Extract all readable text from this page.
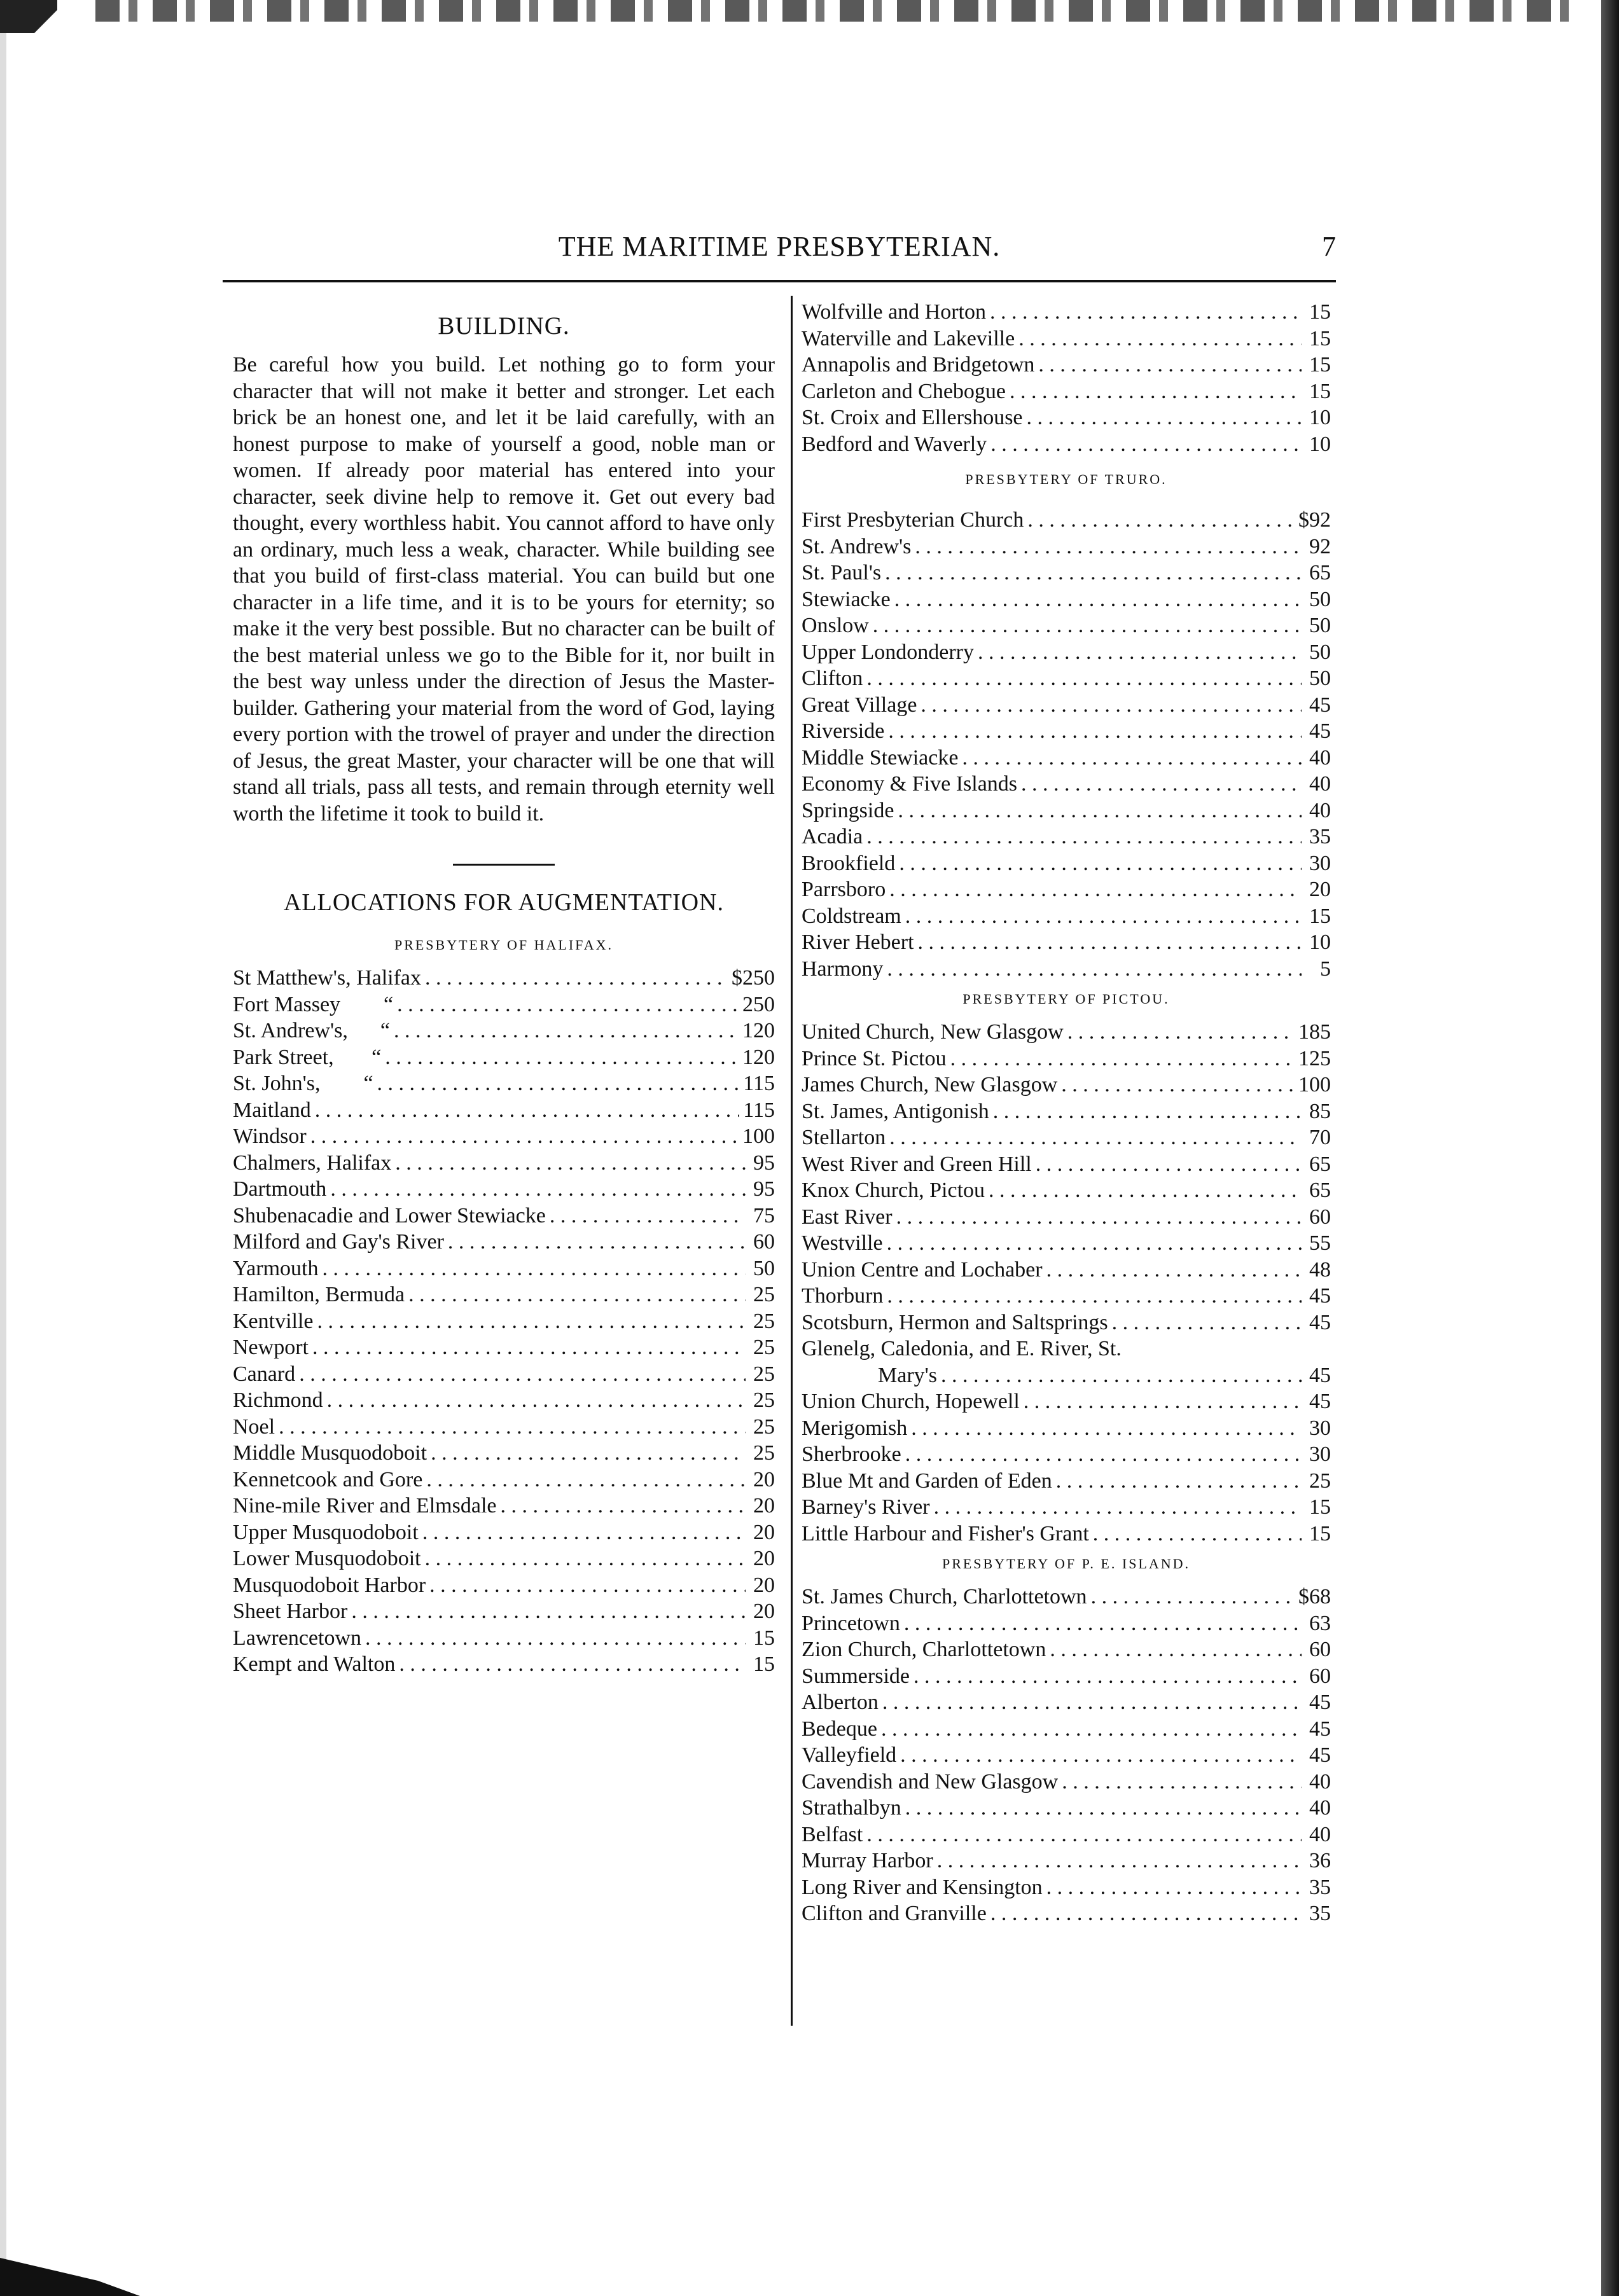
THE MARITIME PRESBYTERIAN.	7
BUILDING.

Be careful how you build. Let nothing go to form your character that will not make it better and stronger. Let each brick be an honest one, and let it be laid carefully, with an honest purpose to make of yourself a good, noble man or women. If already poor material has entered into your character, seek divine help to remove it. Get out every bad thought, every worthless habit. You cannot afford to have only an ordinary, much less a weak, character. While building see that you build of first-class material. You can build but one character in a life time, and it is to be yours for eternity; so make it the very best possible. But no character can be built of the best material unless we go to the Bible for it, nor built in the best way unless under the direction of Jesus the Master-builder. Gathering your material from the word of God, laying every portion with the trowel of prayer and under the direction of Jesus, the great Master, your character will be one that will stand all trials, pass all tests, and remain through eternity well worth the lifetime it took to build it.

ALLOCATIONS FOR AUGMENTATION.
PRESBYTERY OF HALIFAX.
St Matthew's, Halifax . . .	$250
Fort Massey        “ . . .	250
St. Andrew's,      “ . . .	120
Park Street,       “ . . .	120
St. John's,        “ . . .	115
Maitland . . .	115
Windsor . . .	100
Chalmers, Halifax . . .	95
Dartmouth . . .	95
Shubenacadie and Lower Stewiacke . . .	75
Milford and Gay's River . . .	60
Yarmouth . . .	50
Hamilton, Bermuda . . .	25
Kentville . . .	25
Newport . . .	25
Canard . . .	25
Richmond . . .	25
Noel . . .	25
Middle Musquodoboit . . .	25
Kennetcook and Gore . . .	20
Nine-mile River and Elmsdale . . .	20
Upper Musquodoboit . . .	20
Lower Musquodoboit . . .	20
Musquodoboit Harbor . . .	20
Sheet Harbor . . .	20
Lawrencetown . . .	15
Kempt and Walton . . .	15
Wolfville and Horton . . .	15
Waterville and Lakeville . . .	15
Annapolis and Bridgetown . . .	15
Carleton and Chebogue . . .	15
St. Croix and Ellershouse . . .	10
Bedford and Waverly . . .	10
PRESBYTERY OF TRURO.
First Presbyterian Church . . .	$92
St. Andrew's . . .	92
St. Paul's . . .	65
Stewiacke . . .	50
Onslow . . .	50
Upper Londonderry . . .	50
Clifton . . .	50
Great Village . . .	45
Riverside . . .	45
Middle Stewiacke . . .	40
Economy & Five Islands . . .	40
Springside . . .	40
Acadia . . .	35
Brookfield . . .	30
Parrsboro . . .	20
Coldstream . . .	15
River Hebert . . .	10
Harmony . . .	5
PRESBYTERY OF PICTOU.
United Church, New Glasgow . . .	185
Prince St. Pictou . . .	125
James Church, New Glasgow . . .	100
St. James, Antigonish . . .	85
Stellarton . . .	70
West River and Green Hill . . .	65
Knox Church, Pictou . . .	65
East River . . .	60
Westville . . .	55
Union Centre and Lochaber . . .	48
Thorburn . . .	45
Scotsburn, Hermon and Saltsprings . . .	45
Glenelg, Caledonia, and E. River, St.
Mary's . . .	45
Union Church, Hopewell . . .	45
Merigomish . . .	30
Sherbrooke . . .	30
Blue Mt and Garden of Eden . . .	25
Barney's River . . .	15
Little Harbour and Fisher's Grant . . .	15
PRESBYTERY OF P. E. ISLAND.
St. James Church, Charlottetown . . .	$68
Princetown . . .	63
Zion Church, Charlottetown . . .	60
Summerside . . .	60
Alberton . . .	45
Bedeque . . .	45
Valleyfield . . .	45
Cavendish and New Glasgow . . .	40
Strathalbyn . . .	40
Belfast . . .	40
Murray Harbor . . .	36
Long River and Kensington . . .	35
Clifton and Granville . . .	35
